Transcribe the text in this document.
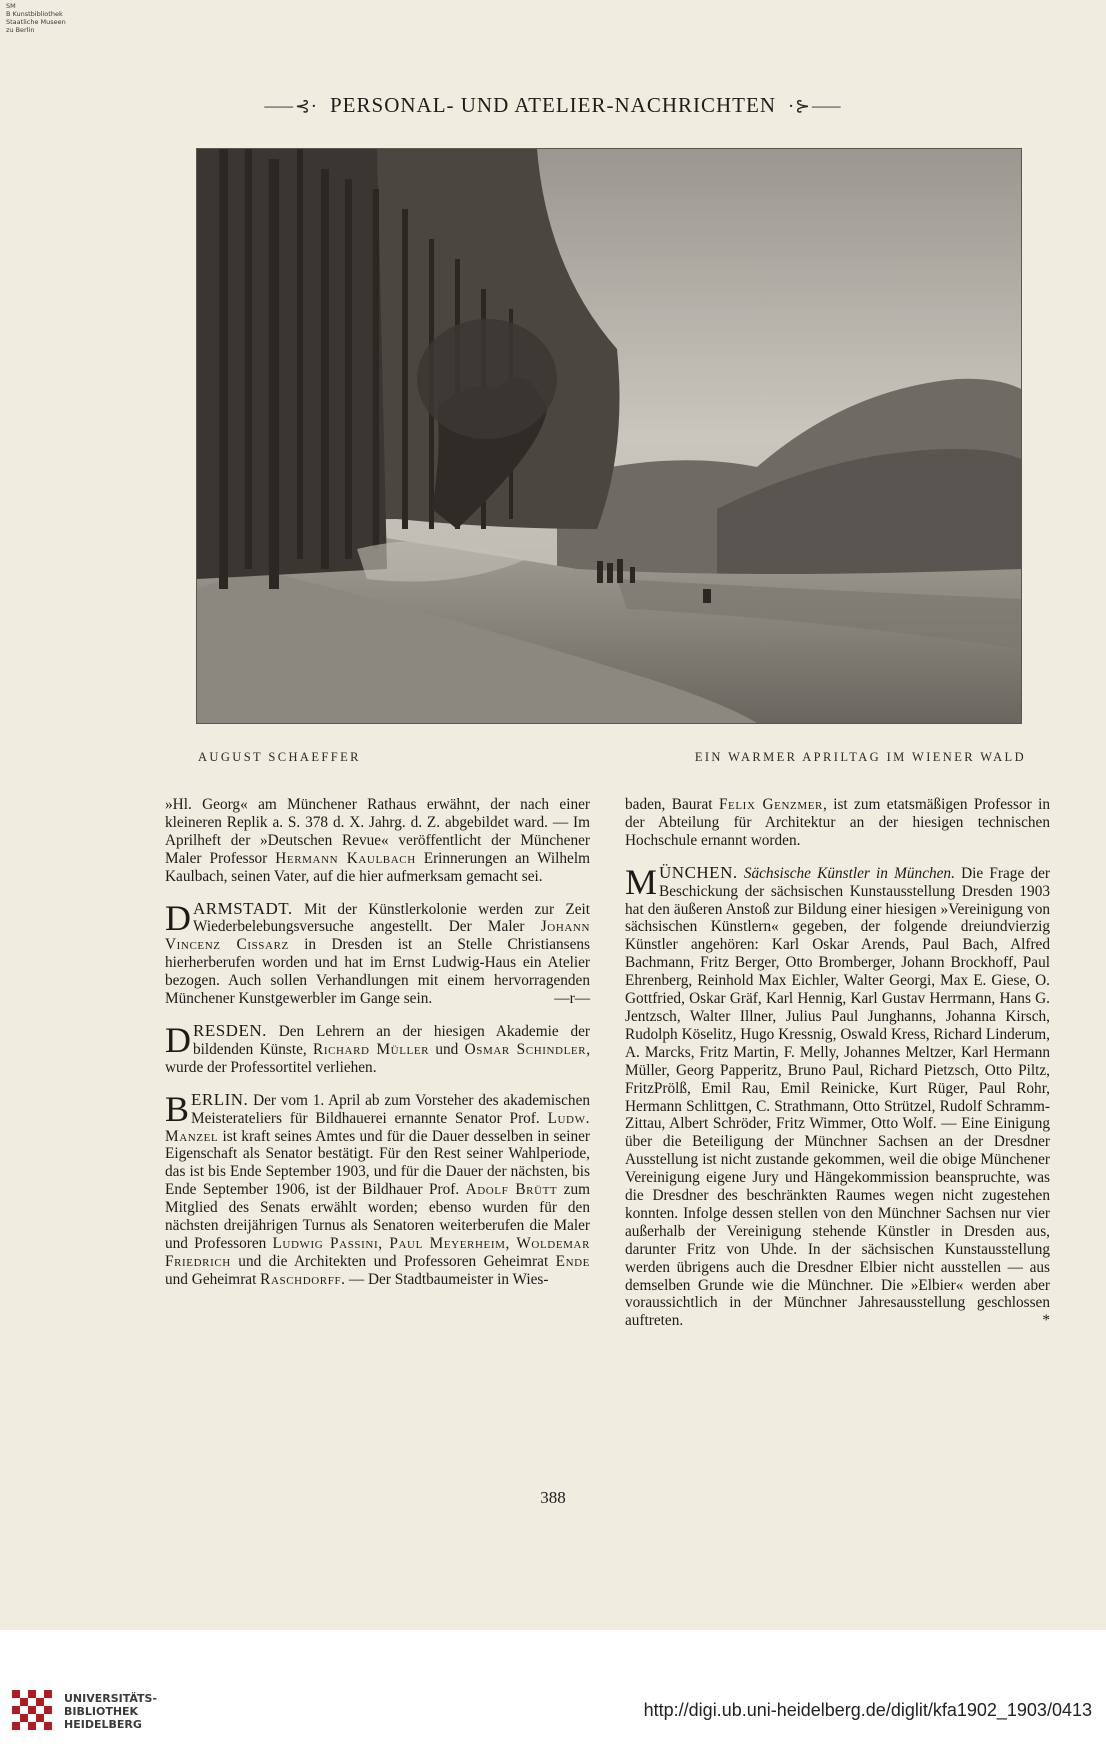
SM
B Kunstbibliothek
Staatliche Museen
zu Berlin
⸺⊰· PERSONAL- UND ATELIER-NACHRICHTEN ·⊱⸺
AUGUST SCHAEFFER	EIN WARMER APRILTAG IM WIENER WALD

»Hl. Georg« am Münchener Rathaus erwähnt, der nach einer kleineren Replik a. S. 378 d. X. Jahrg. d. Z. abgebildet ward. — Im Aprilheft der »Deutschen Revue« veröffentlicht der Münchener Maler Professor Hermann Kaulbach Erinnerungen an Wilhelm Kaulbach, seinen Vater, auf die hier aufmerksam gemacht sei.

DARMSTADT. Mit der Künstlerkolonie werden zur Zeit Wiederbelebungsversuche angestellt. Der Maler Johann Vincenz Cissarz in Dresden ist an Stelle Christiansens hierherberufen worden und hat im Ernst Ludwig-Haus ein Atelier bezogen. Auch sollen Verhandlungen mit einem hervorragenden Münchener Kunstgewerbler im Gange sein.	—r—

DRESDEN. Den Lehrern an der hiesigen Akademie der bildenden Künste, Richard Müller und Osmar Schindler, wurde der Professortitel verliehen.

BERLIN. Der vom 1. April ab zum Vorsteher des akademischen Meisterateliers für Bildhauerei ernannte Senator Prof. Ludw. Manzel ist kraft seines Amtes und für die Dauer desselben in seiner Eigenschaft als Senator bestätigt. Für den Rest seiner Wahlperiode, das ist bis Ende September 1903, und für die Dauer der nächsten, bis Ende September 1906, ist der Bildhauer Prof. Adolf Brütt zum Mitglied des Senats erwählt worden; ebenso wurden für den nächsten dreijährigen Turnus als Senatoren weiterberufen die Maler und Professoren Ludwig Passini, Paul Meyerheim, Woldemar Friedrich und die Architekten und Professoren Geheimrat Ende und Geheimrat Raschdorff. — Der Stadtbaumeister in Wies-

baden, Baurat Felix Genzmer, ist zum etatsmäßigen Professor in der Abteilung für Architektur an der hiesigen technischen Hochschule ernannt worden.

MÜNCHEN. Sächsische Künstler in München. Die Frage der Beschickung der sächsischen Kunstausstellung Dresden 1903 hat den äußeren Anstoß zur Bildung einer hiesigen »Vereinigung von sächsischen Künstlern« gegeben, der folgende dreiundvierzig Künstler angehören: Karl Oskar Arends, Paul Bach, Alfred Bachmann, Fritz Berger, Otto Bromberger, Johann Brockhoff, Paul Ehrenberg, Reinhold Max Eichler, Walter Georgi, Max E. Giese, O. Gottfried, Oskar Gräf, Karl Hennig, Karl Gustav Herrmann, Hans G. Jentzsch, Walter Illner, Julius Paul Junghanns, Johanna Kirsch, Rudolph Köselitz, Hugo Kressnig, Oswald Kress, Richard Linderum, A. Marcks, Fritz Martin, F. Melly, Johannes Meltzer, Karl Hermann Müller, Georg Papperitz, Bruno Paul, Richard Pietzsch, Otto Piltz, FritzPrölß, Emil Rau, Emil Reinicke, Kurt Rüger, Paul Rohr, Hermann Schlittgen, C. Strathmann, Otto Strützel, Rudolf Schramm-Zittau, Albert Schröder, Fritz Wimmer, Otto Wolf. — Eine Einigung über die Beteiligung der Münchner Sachsen an der Dresdner Ausstellung ist nicht zustande gekommen, weil die obige Münchener Vereinigung eigene Jury und Hängekommission beanspruchte, was die Dresdner des beschränkten Raumes wegen nicht zugestehen konnten. Infolge dessen stellen von den Münchner Sachsen nur vier außerhalb der Vereinigung stehende Künstler in Dresden aus, darunter Fritz von Uhde. In der sächsischen Kunstausstellung werden übrigens auch die Dresdner Elbier nicht ausstellen — aus demselben Grunde wie die Münchner. Die »Elbier« werden aber voraussichtlich in der Münchner Jahresausstellung geschlossen auftreten.	*

388
UNIVERSITÄTS-
BIBLIOTHEK
HEIDELBERG
http://digi.ub.uni-heidelberg.de/diglit/kfa1902_1903/0413
